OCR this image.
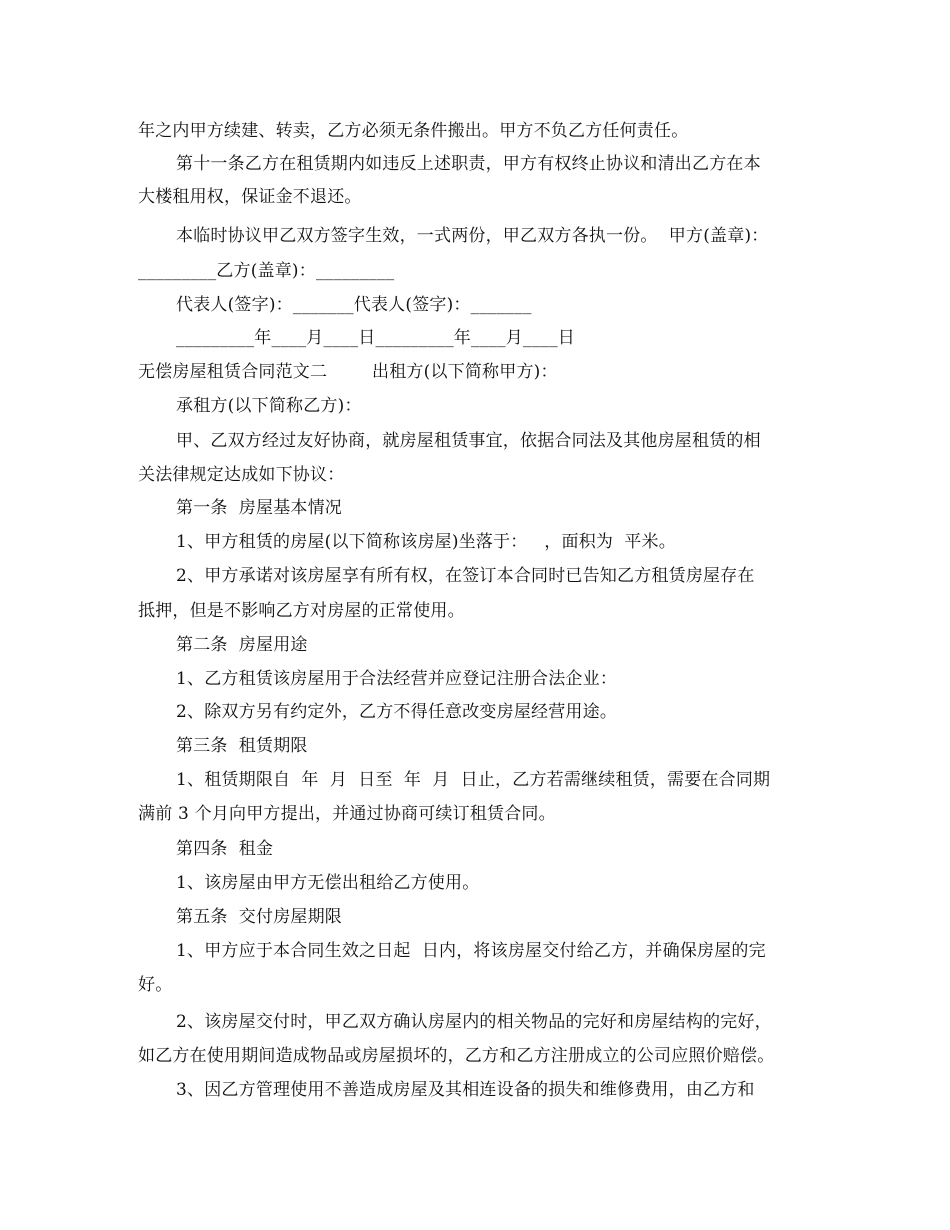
年之内甲方续建、转卖，乙方必须无条件搬出。甲方不负乙方任何责任。
第十一条乙方在租赁期内如违反上述职责，甲方有权终止协议和清出乙方在本
大楼租用权，保证金不退还。
本临时协议甲乙双方签字生效，一式两份，甲乙双方各执一份。  甲方(盖章)：
_________乙方(盖章)：_________
代表人(签字)：_______代表人(签字)：_______
_________年____月____日_________年____月____日
无偿房屋租赁合同范文二        出租方(以下简称甲方)：
承租方(以下简称乙方)：
甲、乙双方经过友好协商，就房屋租赁事宜，依据合同法及其他房屋租赁的相
关法律规定达成如下协议：
第一条  房屋基本情况
1、甲方租赁的房屋(以下简称该房屋)坐落于：   ，面积为  平米。
2、甲方承诺对该房屋享有所有权，在签订本合同时已告知乙方租赁房屋存在
抵押，但是不影响乙方对房屋的正常使用。
第二条  房屋用途
1、乙方租赁该房屋用于合法经营并应登记注册合法企业：
2、除双方另有约定外，乙方不得任意改变房屋经营用途。
第三条  租赁期限
1、租赁期限自  年  月  日至  年  月  日止，乙方若需继续租赁，需要在合同期
满前 3 个月向甲方提出，并通过协商可续订租赁合同。
第四条  租金
1、该房屋由甲方无偿出租给乙方使用。
第五条  交付房屋期限
1、甲方应于本合同生效之日起  日内，将该房屋交付给乙方，并确保房屋的完
好。
2、该房屋交付时，甲乙双方确认房屋内的相关物品的完好和房屋结构的完好，
如乙方在使用期间造成物品或房屋损坏的，乙方和乙方注册成立的公司应照价赔偿。
3、因乙方管理使用不善造成房屋及其相连设备的损失和维修费用，由乙方和
